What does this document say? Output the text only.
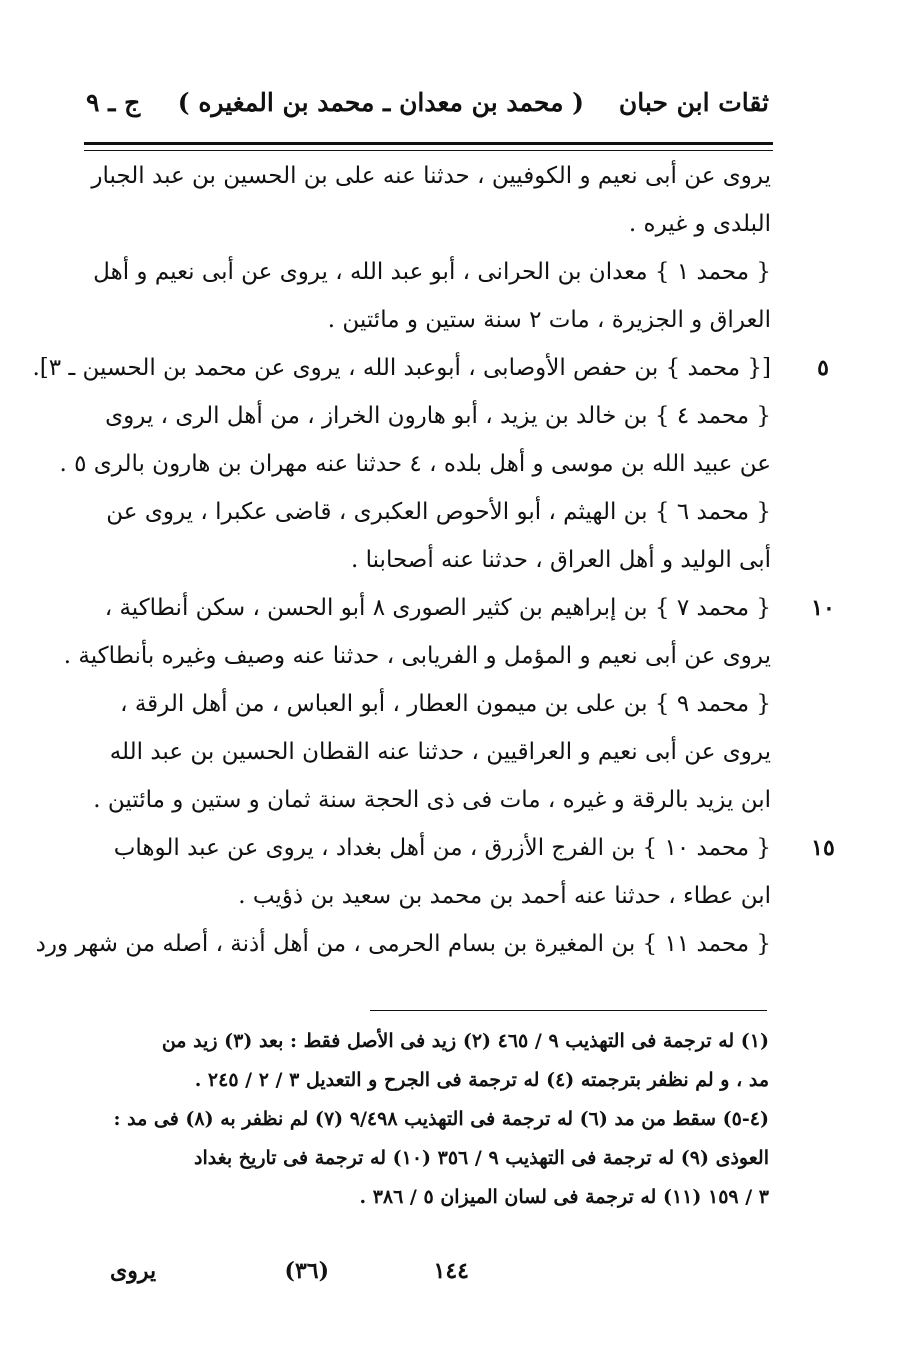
ثقات ابن حبان
( محمد بن معدان ـ محمد بن المغيره )
ج ـ ٩
يروى عن أبى نعيم و الكوفيين ، حدثنا عنه على بن الحسين بن عبد الجبار
البلدى و غيره .
{ محمد ١ } معدان بن الحرانى ، أبو عبد الله ، يروى عن أبى نعيم و أهل
العراق و الجزيرة ، مات ٢ سنة ستين و مائتين .
٥
[{ محمد } بن حفص الأوصابى ، أبوعبد الله ، يروى عن محمد بن الحسين ـ ٣].
{ محمد ٤ } بن خالد بن يزيد ، أبو هارون الخراز ، من أهل الرى ، يروى
عن عبيد الله بن موسى و أهل بلده ، ٤ حدثنا عنه مهران بن هارون بالرى ٥ .
{ محمد ٦ } بن الهيثم ، أبو الأحوص العكبرى ، قاضى عكبرا ، يروى عن
أبى الوليد و أهل العراق ، حدثنا عنه أصحابنا .
١٠
{ محمد ٧ } بن إبراهيم بن كثير الصورى ٨ أبو الحسن ، سكن أنطاكية ،
يروى عن أبى نعيم و المؤمل و الفريابى ، حدثنا عنه وصيف وغيره بأنطاكية .
{ محمد ٩ } بن على بن ميمون العطار ، أبو العباس ، من أهل الرقة ،
يروى عن أبى نعيم و العراقيين ، حدثنا عنه القطان الحسين بن عبد الله
ابن يزيد بالرقة و غيره ، مات فى ذى الحجة سنة ثمان و ستين و مائتين .
١٥
{ محمد ١٠ } بن الفرج الأزرق ، من أهل بغداد ، يروى عن عبد الوهاب
ابن عطاء ، حدثنا عنه أحمد بن محمد بن سعيد بن ذؤيب .
{ محمد ١١ } بن المغيرة بن بسام الحرمى ، من أهل أذنة ، أصله من شهر ورد
(١) له ترجمة فى التهذيب ٩ / ٤٦٥ (٢) زيد فى الأصل فقط : بعد (٣) زيد من
مد ، و لم نظفر بترجمته (٤) له ترجمة فى الجرح و التعديل ٣ / ٢ / ٢٤٥ .
(٤-٥) سقط من مد (٦) له ترجمة فى التهذيب ٩/٤٩٨ (٧) لم نظفر به (٨) فى مد :
العوذى (٩) له ترجمة فى التهذيب ٩ / ٣٥٦ (١٠) له ترجمة فى تاريخ بغداد
٣ / ١٥٩ (١١) له ترجمة فى لسان الميزان ٥ / ٣٨٦ .
١٤٤
(٣٦)
يروى
